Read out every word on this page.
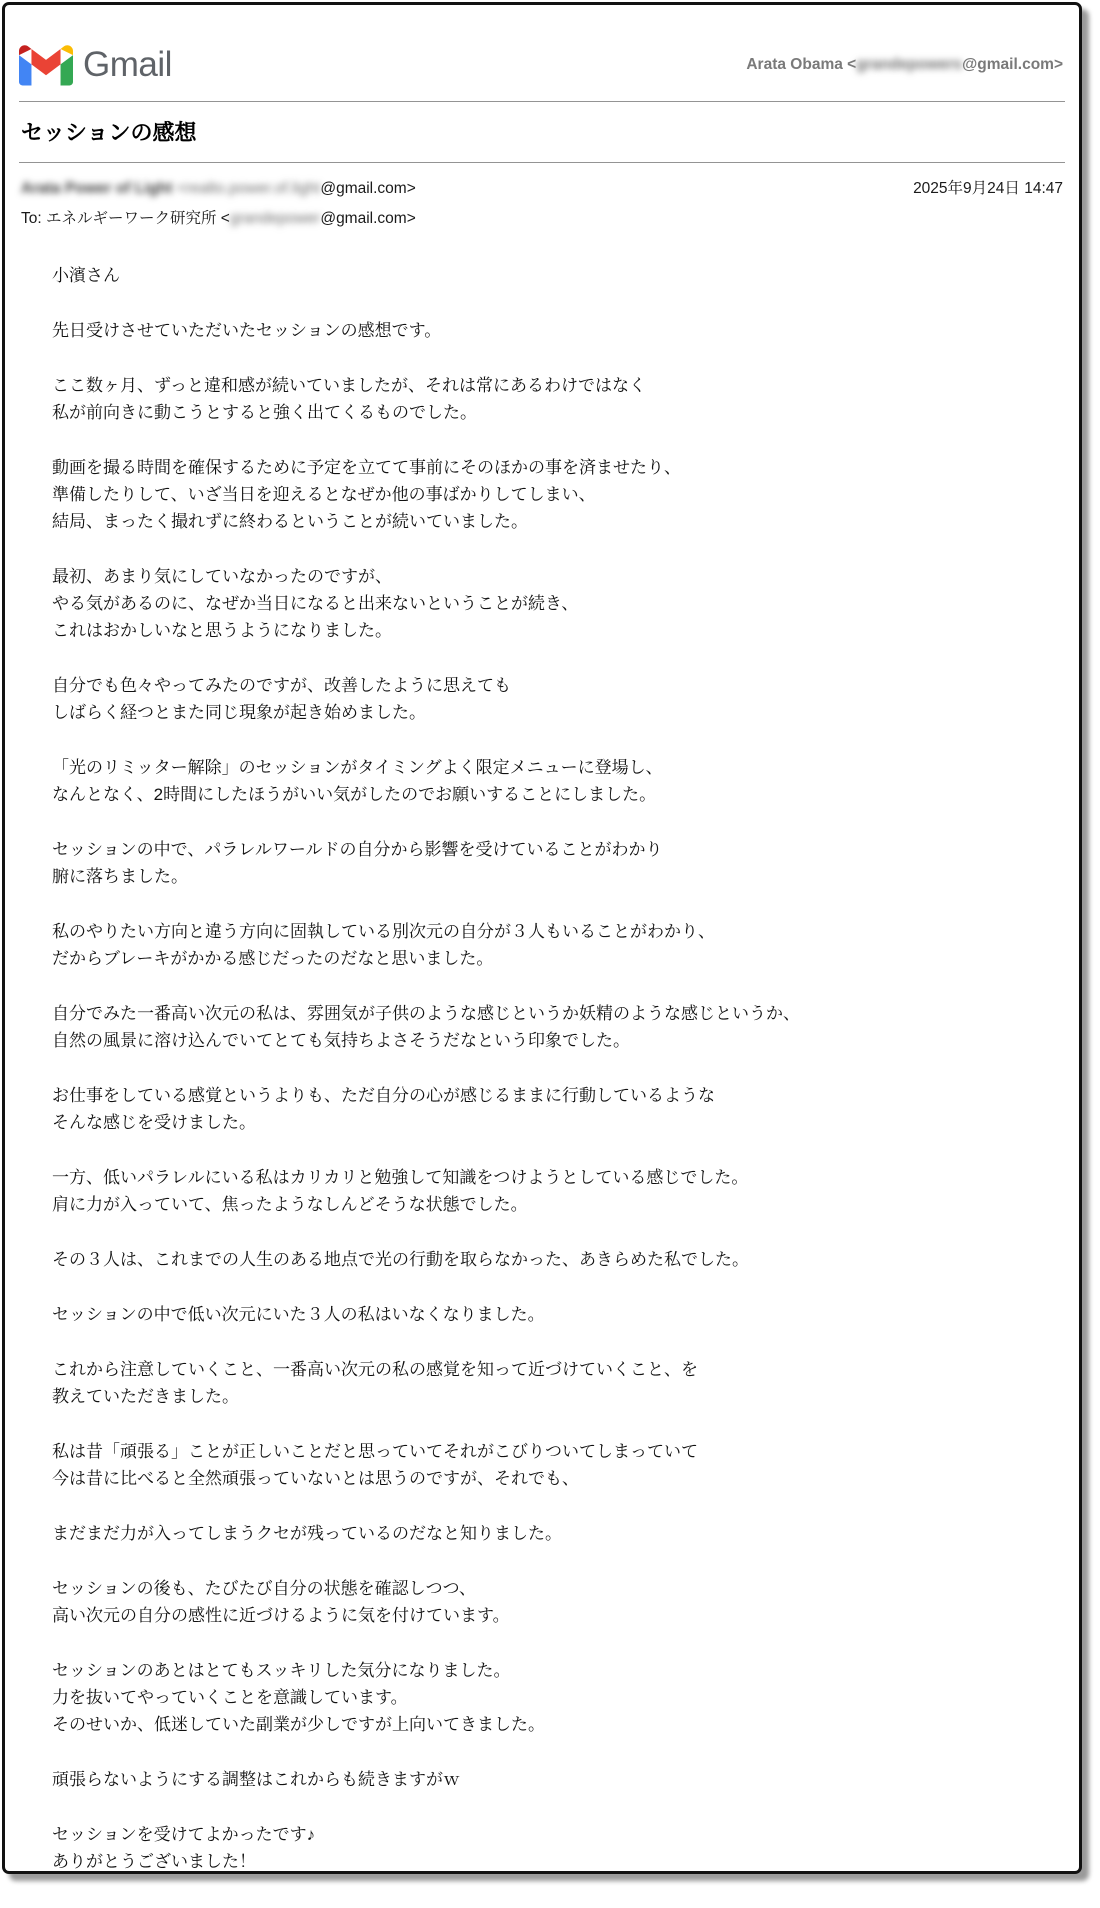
Gmail	Arata Obama <grandepowers@gmail.com>
セッションの感想
Arata Power of Light <realto.power.of.light@gmail.com>	2025年9月24日 14:47
To: エネルギーワーク研究所 <grandepower@gmail.com>

小濱さん

先日受けさせていただいたセッションの感想です。

ここ数ヶ月、ずっと違和感が続いていましたが、それは常にあるわけではなく
私が前向きに動こうとすると強く出てくるものでした。

動画を撮る時間を確保するために予定を立てて事前にそのほかの事を済ませたり、
準備したりして、いざ当日を迎えるとなぜか他の事ばかりしてしまい、
結局、まったく撮れずに終わるということが続いていました。

最初、あまり気にしていなかったのですが、
やる気があるのに、なぜか当日になると出来ないということが続き、
これはおかしいなと思うようになりました。

自分でも色々やってみたのですが、改善したように思えても
しばらく経つとまた同じ現象が起き始めました。

「光のリミッター解除」のセッションがタイミングよく限定メニューに登場し、
なんとなく、2時間にしたほうがいい気がしたのでお願いすることにしました。

セッションの中で、パラレルワールドの自分から影響を受けていることがわかり
腑に落ちました。

私のやりたい方向と違う方向に固執している別次元の自分が３人もいることがわかり、
だからブレーキがかかる感じだったのだなと思いました。

自分でみた一番高い次元の私は、雰囲気が子供のような感じというか妖精のような感じというか、
自然の風景に溶け込んでいてとても気持ちよさそうだなという印象でした。

お仕事をしている感覚というよりも、ただ自分の心が感じるままに行動しているような
そんな感じを受けました。

一方、低いパラレルにいる私はカリカリと勉強して知識をつけようとしている感じでした。
肩に力が入っていて、焦ったようなしんどそうな状態でした。

その３人は、これまでの人生のある地点で光の行動を取らなかった、あきらめた私でした。

セッションの中で低い次元にいた３人の私はいなくなりました。

これから注意していくこと、一番高い次元の私の感覚を知って近づけていくこと、を
教えていただきました。

私は昔「頑張る」ことが正しいことだと思っていてそれがこびりついてしまっていて
今は昔に比べると全然頑張っていないとは思うのですが、それでも、

まだまだ力が入ってしまうクセが残っているのだなと知りました。

セッションの後も、たびたび自分の状態を確認しつつ、
高い次元の自分の感性に近づけるように気を付けています。

セッションのあとはとてもスッキリした気分になりました。
力を抜いてやっていくことを意識しています。
そのせいか、低迷していた副業が少しですが上向いてきました。

頑張らないようにする調整はこれからも続きますがｗ

セッションを受けてよかったです♪
ありがとうございました！
